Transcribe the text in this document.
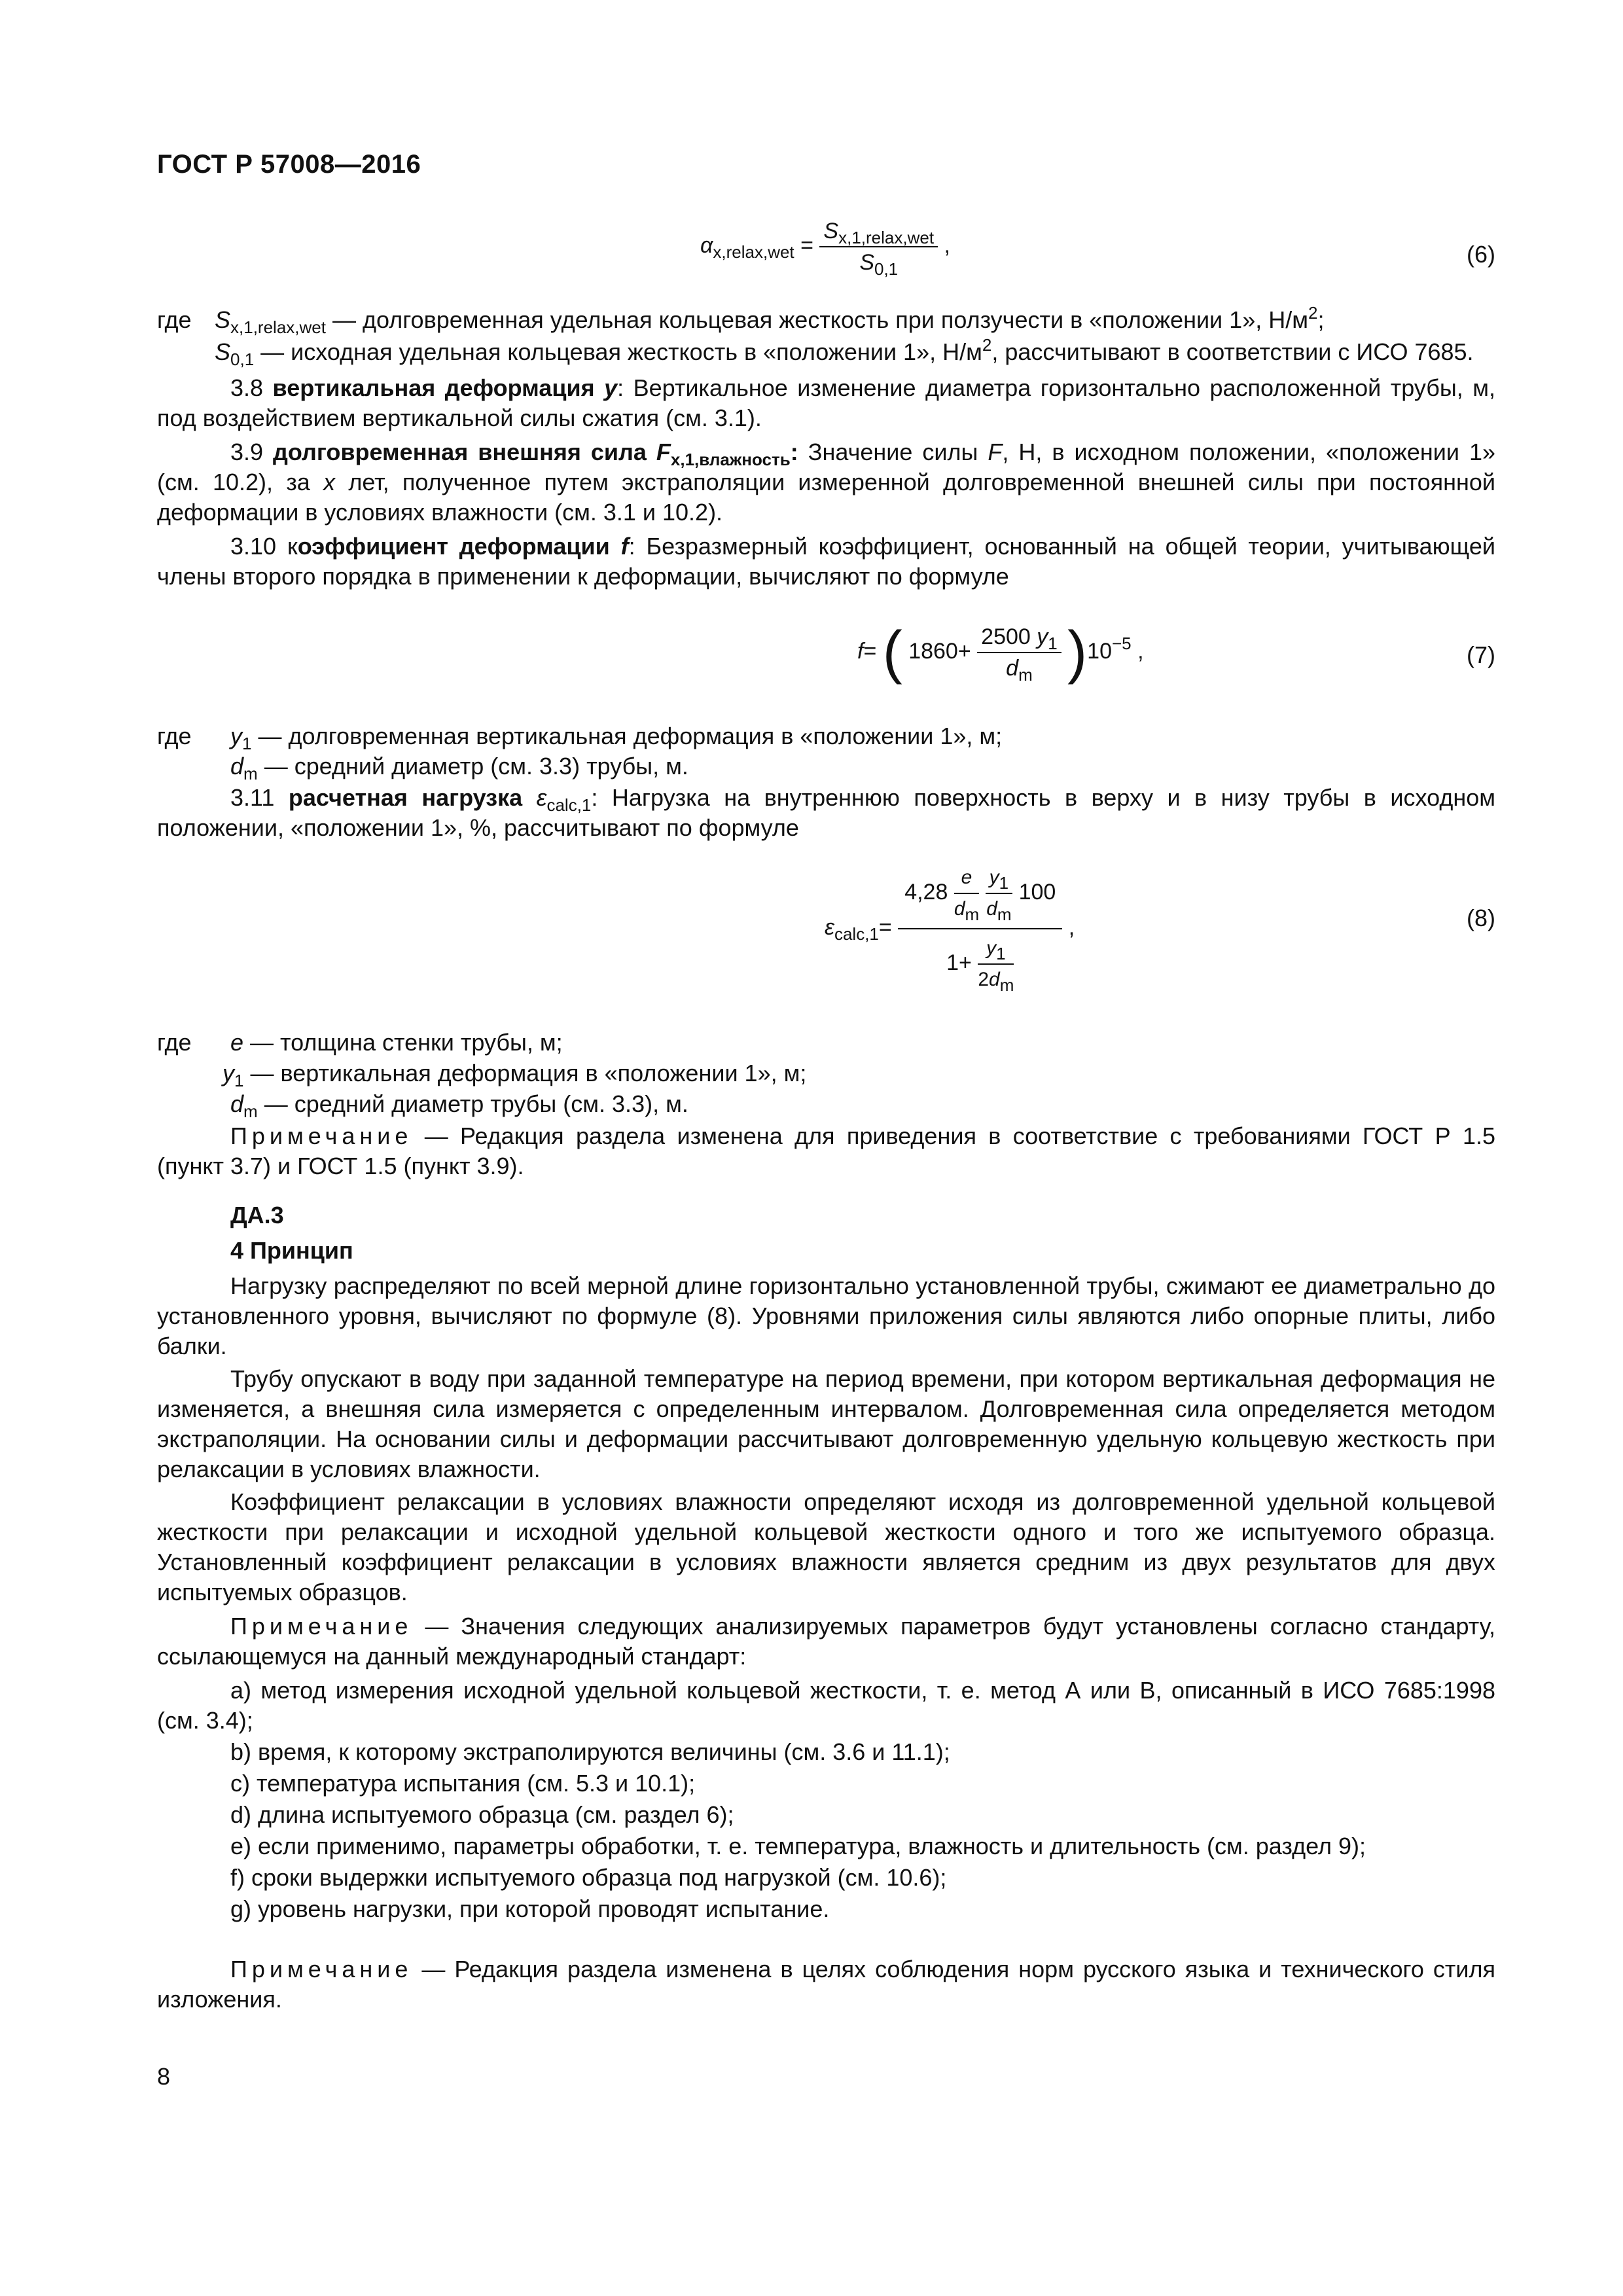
ГОСТ Р 57008—2016
$\alpha_{x,relax,wet} = \frac{S_{x,1,relax,wet}}{S_{0,1}}$ ,	(6)
где $S_{x,1,relax,wet}$ — долговременная удельная кольцевая жесткость при ползучести в «положении 1», $Н/м^2$;
$S_{0,1}$ — исходная удельная кольцевая жесткость в «положении 1», $Н/м^2$, рассчитывают в соответствии с ИСО 7685.

3.8 вертикальная деформация y: Вертикальное изменение диаметра горизонтально расположенной трубы, м, под воздействием вертикальной силы сжатия (см. 3.1).

3.9 долговременная внешняя сила $F_{x,1,влажность}$: Значение силы F, Н, в исходном положении, «положении 1» (см. 10.2), за x лет, полученное путем экстраполяции измеренной долговременной внешней силы при постоянной деформации в условиях влажности (см. 3.1 и 10.2).

3.10 коэффициент деформации f: Безразмерный коэффициент, основанный на общей теории, учитывающей члены второго порядка в применении к деформации, вычисляют по формуле

f= ( $1860+ \frac{2500 y_1}{d_m} )10^{-5}$ ,	(7)
где $y_1$ — долговременная вертикальная деформация в «положении 1», м;
$d_m$ — средний диаметр (см. 3.3) трубы, м.

3.11 расчетная нагрузка $\varepsilon_{calc,1}$: Нагрузка на внутреннюю поверхность в верху и в низу трубы в исходном положении, «положении 1», %, рассчитывают по формуле

$\varepsilon_{calc,1}=$
$4,28 \frac{e}{dm}$
$\frac{y1}{dm} 100$
$1+ \frac{y1}{2dm}$
,	(8)
где e — толщина стенки трубы, м;
$y_1$ — вертикальная деформация в «положении 1», м;
$d_m$ — средний диаметр трубы (см. 3.3), м.

Примечание — Редакция раздела изменена для приведения в соответствие с требованиями ГОСТ Р 1.5 (пункт 3.7) и ГОСТ 1.5 (пункт 3.9).

ДА.3
4 Принцип

Нагрузку распределяют по всей мерной длине горизонтально установленной трубы, сжимают ее диаметрально до установленного уровня, вычисляют по формуле (8). Уровнями приложения силы являются либо опорные плиты, либо балки.

Трубу опускают в воду при заданной температуре на период времени, при котором вертикальная деформация не изменяется, а внешняя сила измеряется с определенным интервалом. Долговременная сила определяется методом экстраполяции. На основании силы и деформации рассчитывают долговременную удельную кольцевую жесткость при релаксации в условиях влажности.

Коэффициент релаксации в условиях влажности определяют исходя из долговременной удельной кольцевой жесткости при релаксации и исходной удельной кольцевой жесткости одного и того же испытуемого образца. Установленный коэффициент релаксации в условиях влажности является средним из двух результатов для двух испытуемых образцов.

Примечание — Значения следующих анализируемых параметров будут установлены согласно стандарту, ссылающемуся на данный международный стандарт:

a) метод измерения исходной удельной кольцевой жесткости, т. е. метод А или В, описанный в ИСО 7685:1998 (см. 3.4);

b) время, к которому экстраполируются величины (см. 3.6 и 11.1);

c) температура испытания (см. 5.3 и 10.1);

d) длина испытуемого образца (см. раздел 6);

e) если применимо, параметры обработки, т. е. температура, влажность и длительность (см. раздел 9);

f) сроки выдержки испытуемого образца под нагрузкой (см. 10.6);

g) уровень нагрузки, при которой проводят испытание.

Примечание — Редакция раздела изменена в целях соблюдения норм русского языка и технического стиля изложения.

8
